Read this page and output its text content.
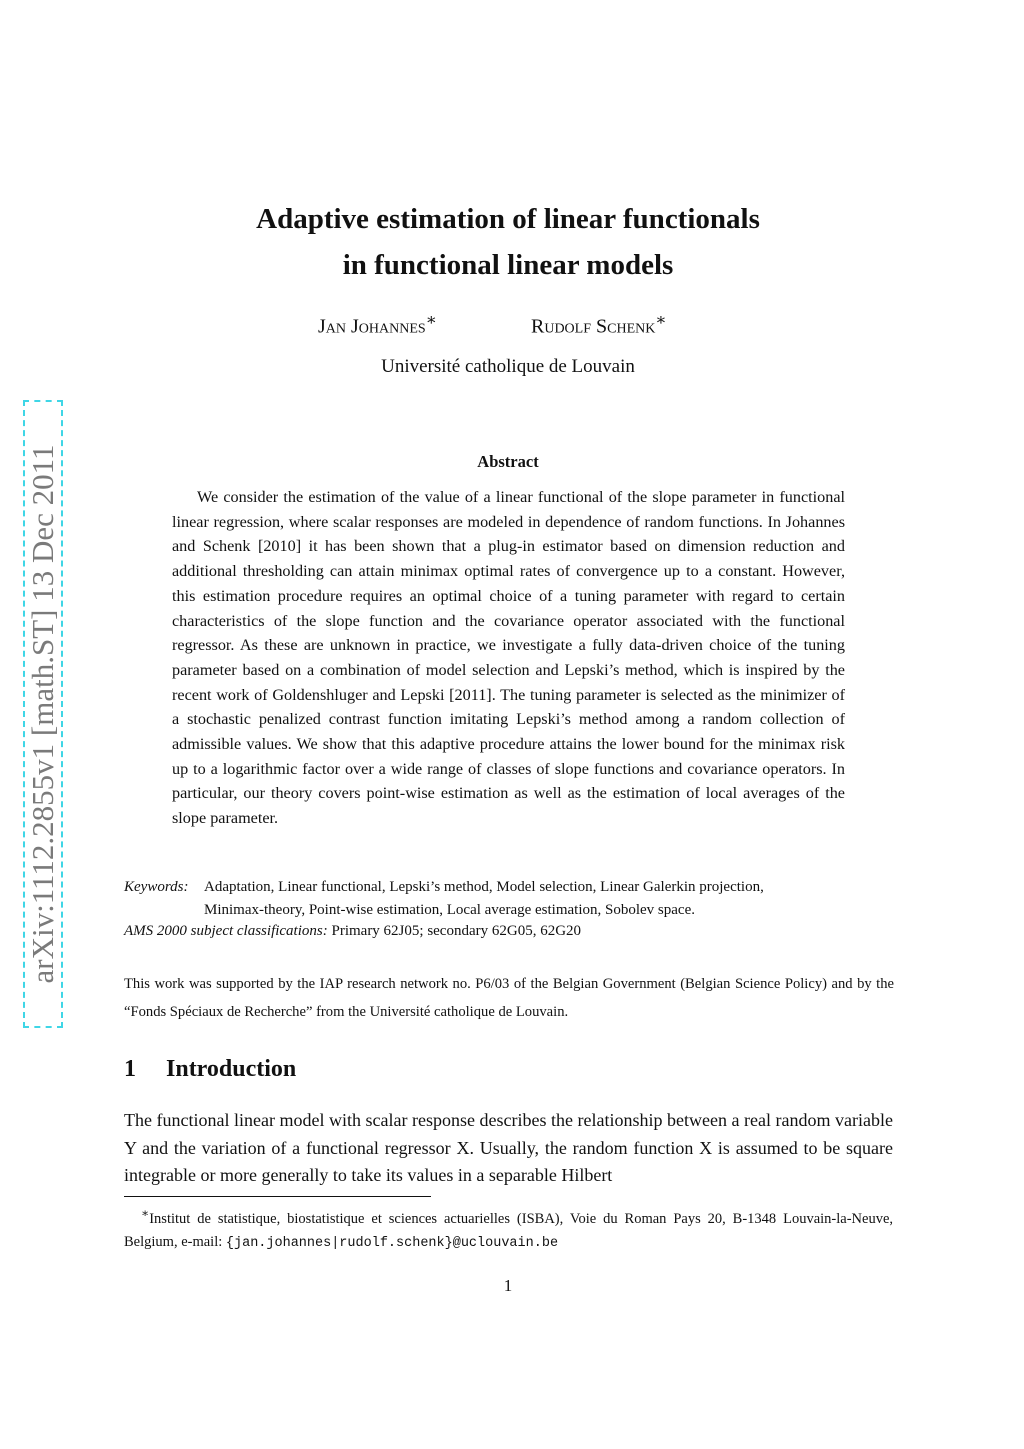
arXiv:1112.2855v1 [math.ST] 13 Dec 2011
Adaptive estimation of linear functionals
in functional linear models
Jan Johannes∗	Rudolf Schenk∗
Université catholique de Louvain
Abstract
We consider the estimation of the value of a linear functional of the slope parameter in functional linear regression, where scalar responses are modeled in dependence of random functions. In Johannes and Schenk [2010] it has been shown that a plug-in estimator based on dimension reduction and additional thresholding can attain minimax optimal rates of convergence up to a constant. However, this estimation procedure requires an optimal choice of a tuning parameter with regard to certain characteristics of the slope function and the covariance operator associated with the functional regressor. As these are unknown in practice, we investigate a fully data-driven choice of the tuning parameter based on a combination of model selection and Lepski’s method, which is inspired by the recent work of Goldenshluger and Lepski [2011]. The tuning parameter is selected as the minimizer of a stochastic penalized contrast function imitating Lepski’s method among a random collection of admissible values. We show that this adaptive procedure attains the lower bound for the minimax risk up to a logarithmic factor over a wide range of classes of slope functions and covariance operators. In particular, our theory covers point-wise estimation as well as the estimation of local averages of the slope parameter.
Keywords:	Adaptation, Linear functional, Lepski’s method, Model selection, Linear Galerkin projection,
Minimax-theory, Point-wise estimation, Local average estimation, Sobolev space.
AMS 2000 subject classifications: Primary 62J05; secondary 62G05, 62G20
This work was supported by the IAP research network no. P6/03 of the Belgian Government (Belgian Science Policy) and by the “Fonds Spéciaux de Recherche” from the Université catholique de Louvain.
1 Introduction
The functional linear model with scalar response describes the relationship between a real random variable Y and the variation of a functional regressor X. Usually, the random function X is assumed to be square integrable or more generally to take its values in a separable Hilbert
∗Institut de statistique, biostatistique et sciences actuarielles (ISBA), Voie du Roman Pays 20, B-1348 Louvain-la-Neuve, Belgium, e-mail: {jan.johannes|rudolf.schenk}@uclouvain.be
1
